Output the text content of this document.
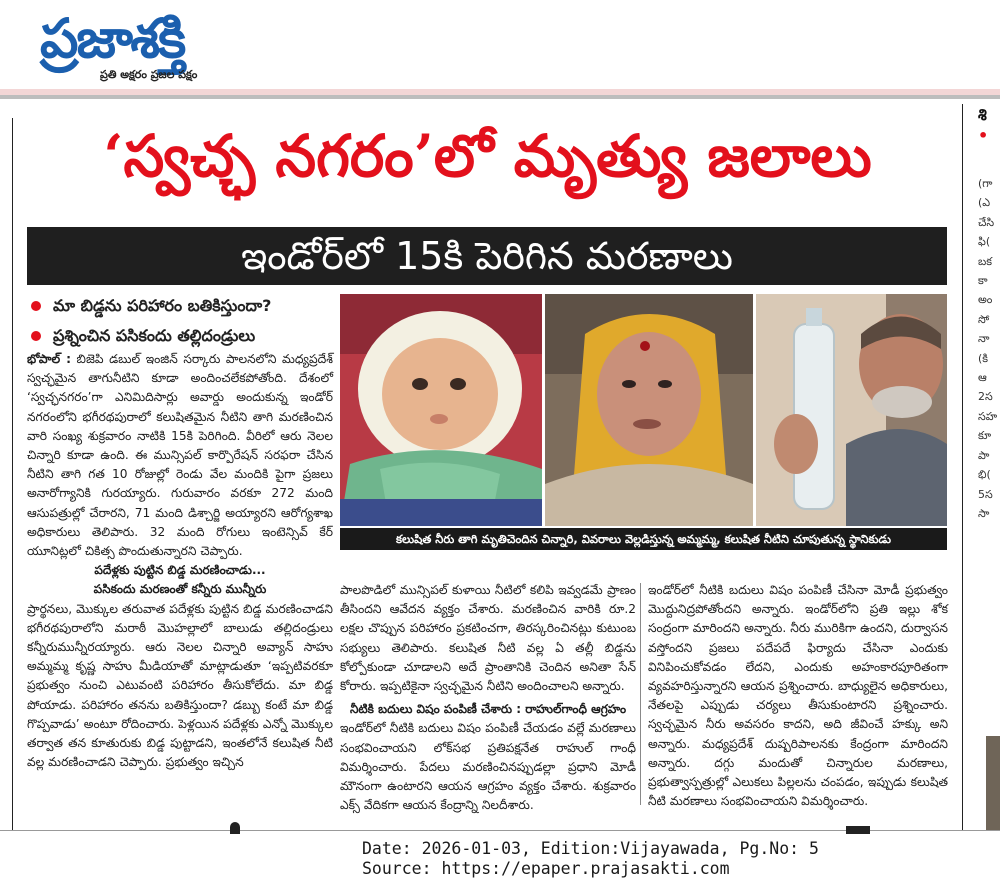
ప్రజాశక్తి
ప్రతి అక్షరం ప్రజల పక్షం
‘స్వచ్ఛ నగరం’లో మృత్యు జలాలు
ఇండోర్‌లో 15కి పెరిగిన మరణాలు
మా బిడ్డను పరిహారం బతికిస్తుందా?
ప్రశ్నించిన పసికందు తల్లిదండ్రులు

భోపాల్ : బిజెపి డబుల్ ఇంజిన్ సర్కారు పాలనలోని మధ్యప్రదేశ్ స్వచ్ఛమైన తాగునీటిని కూడా అందించలేకపోతోంది. దేశంలో ‘స్వచ్ఛనగరం’గా ఎనిమిదిసార్లు అవార్డు అందుకున్న ఇండోర్ నగరంలోని భగీరథపురాలో కలుషితమైన నీటిని తాగి మరణించిన వారి సంఖ్య శుక్రవారం నాటికి 15కి పెరిగింది. వీరిలో ఆరు నెలల చిన్నారి కూడా ఉంది. ఈ మున్సిపల్ కార్పొరేషన్ సరఫరా చేసిన నీటిని తాగి గత 10 రోజుల్లో రెండు వేల మందికి పైగా ప్రజలు అనారోగ్యానికి గురయ్యారు. గురువారం వరకూ 272 మంది ఆసుపత్రుల్లో చేరారని, 71 మంది డిశ్చార్జి అయ్యారని ఆరోగ్యశాఖ అధికారులు తెలిపారు. 32 మంది రోగులు ఇంటెన్సివ్ కేర్ యూనిట్లలో చికిత్స పొందుతున్నారని చెప్పారు.

పదేళ్లకు పుట్టిన బిడ్డ మరణించాడు...

పసికందు మరణంతో కన్నీరు మున్నీరు

ప్రార్థనలు, మొక్కుల తరువాత పదేళ్లకు పుట్టిన బిడ్డ మరణించాడని భగీరథపురాలోని మరాఠీ మొహల్లాలో బాలుడు తల్లిదండ్రులు కన్నీరుమున్నీరయ్యారు. ఆరు నెలల చిన్నారి అవ్యాన్ సాహు అమ్మమ్మ కృష్ణ సాహు మీడియాతో మాట్లాడుతూ ‘ఇప్పటివరకూ ప్రభుత్వం నుంచి ఎటువంటి పరిహారం తీసుకోలేదు. మా బిడ్డ పోయాడు. పరిహారం తనను బతికిస్తుందా? డబ్బు కంటే మా బిడ్డ గొప్పవాడు’ అంటూ రోదించారు. పెళ్లయిన పదేళ్లకు ఎన్నో మొక్కుల తర్వాత తన కూతురుకు బిడ్డ పుట్టాడని, ఇంతలోనే కలుషిత నీటి వల్ల మరణించాడని చెప్పారు. ప్రభుత్వం ఇచ్చిన

కలుషిత నీరు తాగి మృతిచెందిన చిన్నారి, వివరాలు వెల్లడిస్తున్న అమ్మమ్మ, కలుషిత నీటిని చూపుతున్న స్థానికుడు

పాలపొడిలో మున్సిపల్ కుళాయి నీటిలో కలిపి ఇవ్వడమే ప్రాణం తీసిందని ఆవేదన వ్యక్తం చేశారు. మరణించిన వారికి రూ.2 లక్షల చొప్పున పరిహారం ప్రకటించగా, తిరస్కరించినట్లు కుటుంబ సభ్యులు తెలిపారు. కలుషిత నీటి వల్ల ఏ తల్లీ బిడ్డను కోల్పోకుండా చూడాలని అదే ప్రాంతానికి చెందిన అనితా సేన్ కోరారు. ఇప్పటికైనా స్వచ్ఛమైన నీటిని అందించాలని అన్నారు.

నీటికి బదులు విషం పంపిణీ చేశారు : రాహుల్‌గాంధీ ఆగ్రహం

ఇండోర్‌లో నీటికి బదులు విషం పంపిణీ చేయడం వల్లే మరణాలు సంభవించాయని లోక్‌సభ ప్రతిపక్షనేత రాహుల్ గాంధీ విమర్శించారు. పేదలు మరణించినప్పుడల్లా ప్రధాని మోడీ మౌనంగా ఉంటారని ఆయన ఆగ్రహం వ్యక్తం చేశారు. శుక్రవారం ఎక్స్ వేదికగా ఆయన కేంద్రాన్ని నిలదీశారు.

ఇండోర్‌లో నీటికి బదులు విషం పంపిణీ చేసినా మోడీ ప్రభుత్వం మొద్దునిద్రపోతోందని అన్నారు. ఇండోర్‌లోని ప్రతి ఇల్లు శోక సంద్రంగా మారిందని అన్నారు. నీరు మురికిగా ఉందని, దుర్వాసన వస్తోందని ప్రజలు పదేపదే ఫిర్యాదు చేసినా ఎందుకు వినిపించుకోవడం లేదని, ఎందుకు అహంకారపూరితంగా వ్యవహరిస్తున్నారని ఆయన ప్రశ్నించారు. బాధ్యులైన అధికారులు, నేతలపై ఎప్పుడు చర్యలు తీసుకుంటారని ప్రశ్నించారు. స్వచ్ఛమైన నీరు అవసరం కాదని, అది జీవించే హక్కు అని అన్నారు. మధ్యప్రదేశ్ దుష్పరిపాలనకు కేంద్రంగా మారిందని అన్నారు. దగ్గు మందుతో చిన్నారుల మరణాలు, ప్రభుత్వాస్పత్రుల్లో ఎలుకలు పిల్లలను చంపడం, ఇప్పుడు కలుషిత నీటి మరణాలు సంభవించాయని విమర్శించారు.

శి
•
(గా
(ఎ
చేసి
ఫి(
బక
కా
అం
సో
నా
(కి
ఆ
2స
సహ
కూ
పా
భి(
5స
సా
Date: 2026-01-03, Edition:Vijayawada, Pg.No: 5
Source: https://epaper.prajasakti.com
